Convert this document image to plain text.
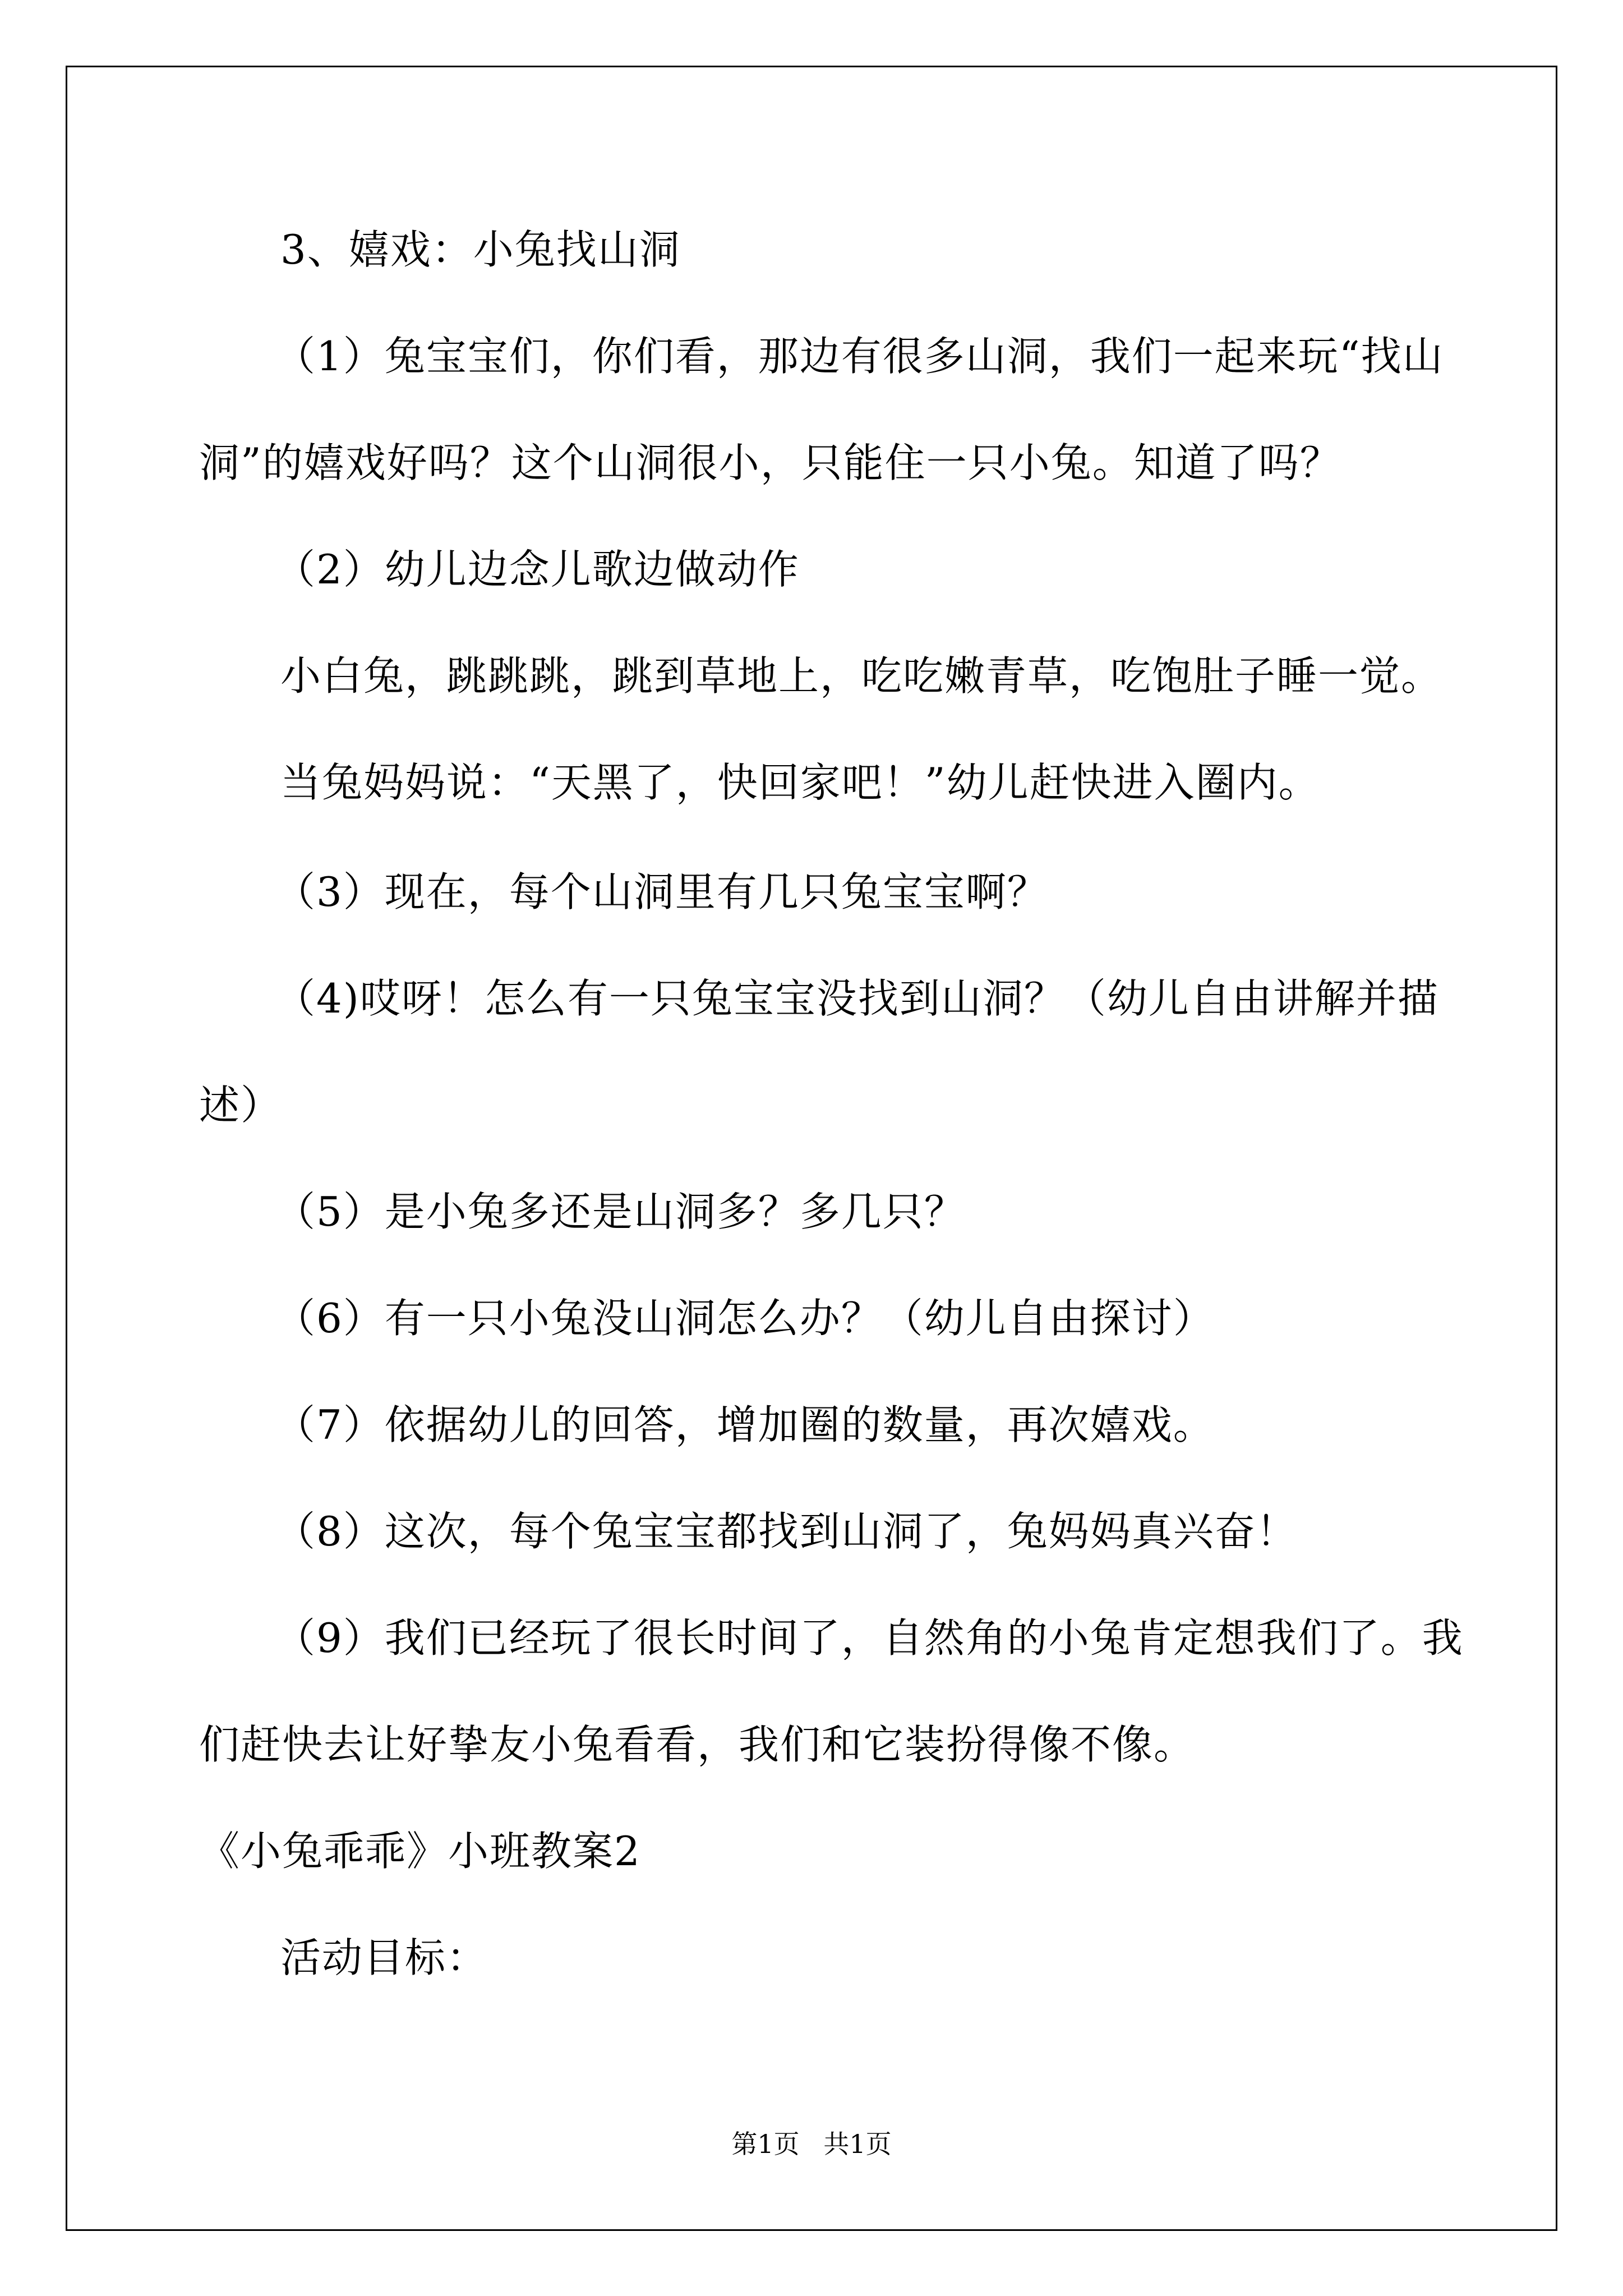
3、嬉戏：小兔找山洞
（1）兔宝宝们，你们看，那边有很多山洞，我们一起来玩“找山
洞”的嬉戏好吗？这个山洞很小，只能住一只小兔。知道了吗？
（2）幼儿边念儿歌边做动作
小白兔，跳跳跳，跳到草地上，吃吃嫩青草，吃饱肚子睡一觉。
当兔妈妈说：“天黑了，快回家吧！”幼儿赶快进入圈内。
（3）现在，每个山洞里有几只兔宝宝啊？
（4)哎呀！怎么有一只兔宝宝没找到山洞？（幼儿自由讲解并描
述）
（5）是小兔多还是山洞多？多几只？
（6）有一只小兔没山洞怎么办？（幼儿自由探讨）
（7）依据幼儿的回答，增加圈的数量，再次嬉戏。
（8）这次，每个兔宝宝都找到山洞了，兔妈妈真兴奋！
（9）我们已经玩了很长时间了，自然角的小兔肯定想我们了。我
们赶快去让好挚友小兔看看，我们和它装扮得像不像。
《小兔乖乖》小班教案2
活动目标：
第1页 共1页
